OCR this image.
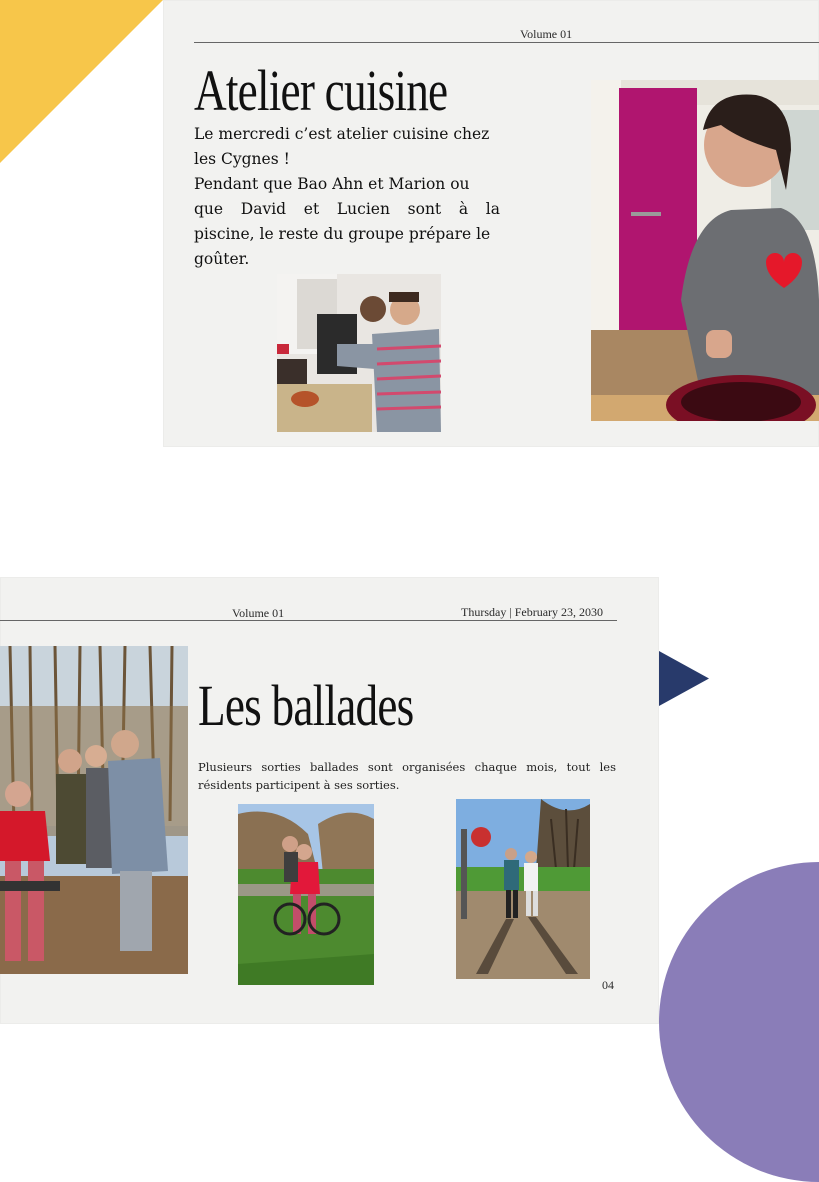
Volume 01
Atelier cuisine
Le mercredi c’est atelier cuisine chez
les Cygnes !
Pendant que Bao Ahn et Marion ou
que David et Lucien sont à la
piscine, le reste du groupe prépare le
goûter.
Volume 01	Thursday | February 23, 2030
Les ballades
Plusieurs sorties ballades sont organisées chaque mois, tout les résidents participent à ses sorties.
04
